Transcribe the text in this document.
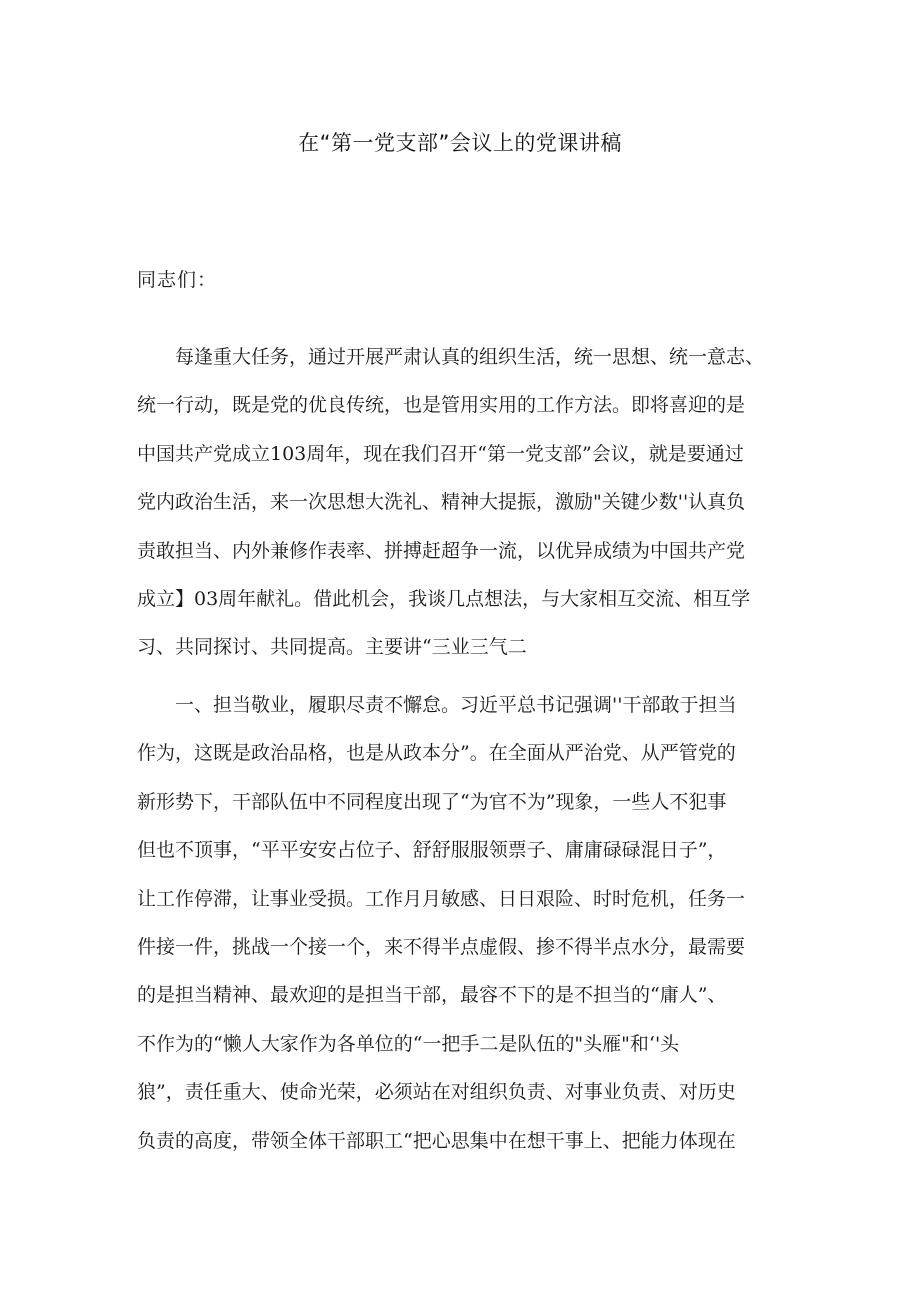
在“第一党支部”会议上的党课讲稿

同志们：

每逢重大任务，通过开展严肃认真的组织生活，统一思想、统一意志、
统一行动，既是党的优良传统，也是管用实用的工作方法。即将喜迎的是
中国共产党成立103周年，现在我们召开“第一党支部”会议，就是要通过
党内政治生活，来一次思想大洗礼、精神大提振，激励"关键少数''认真负
责敢担当、内外兼修作表率、拼搏赶超争一流，以优异成绩为中国共产党
成立】03周年献礼。借此机会，我谈几点想法，与大家相互交流、相互学
习、共同探讨、共同提高。主要讲“三业三气二
一、担当敬业，履职尽责不懈怠。习近平总书记强调''干部敢于担当
作为，这既是政治品格，也是从政本分”。在全面从严治党、从严管党的
新形势下，干部队伍中不同程度出现了“为官不为”现象，一些人不犯事
但也不顶事，“平平安安占位子、舒舒服服领票子、庸庸碌碌混日子”，
让工作停滞，让事业受损。工作月月敏感、日日艰险、时时危机，任务一
件接一件，挑战一个接一个，来不得半点虚假、掺不得半点水分，最需要
的是担当精神、最欢迎的是担当干部，最容不下的是不担当的“庸人”、
不作为的“懒人大家作为各单位的“一把手二是队伍的"头雁"和‘'头
狼”，责任重大、使命光荣，必须站在对组织负责、对事业负责、对历史
负责的高度，带领全体干部职工“把心思集中在想干事上、把能力体现在
